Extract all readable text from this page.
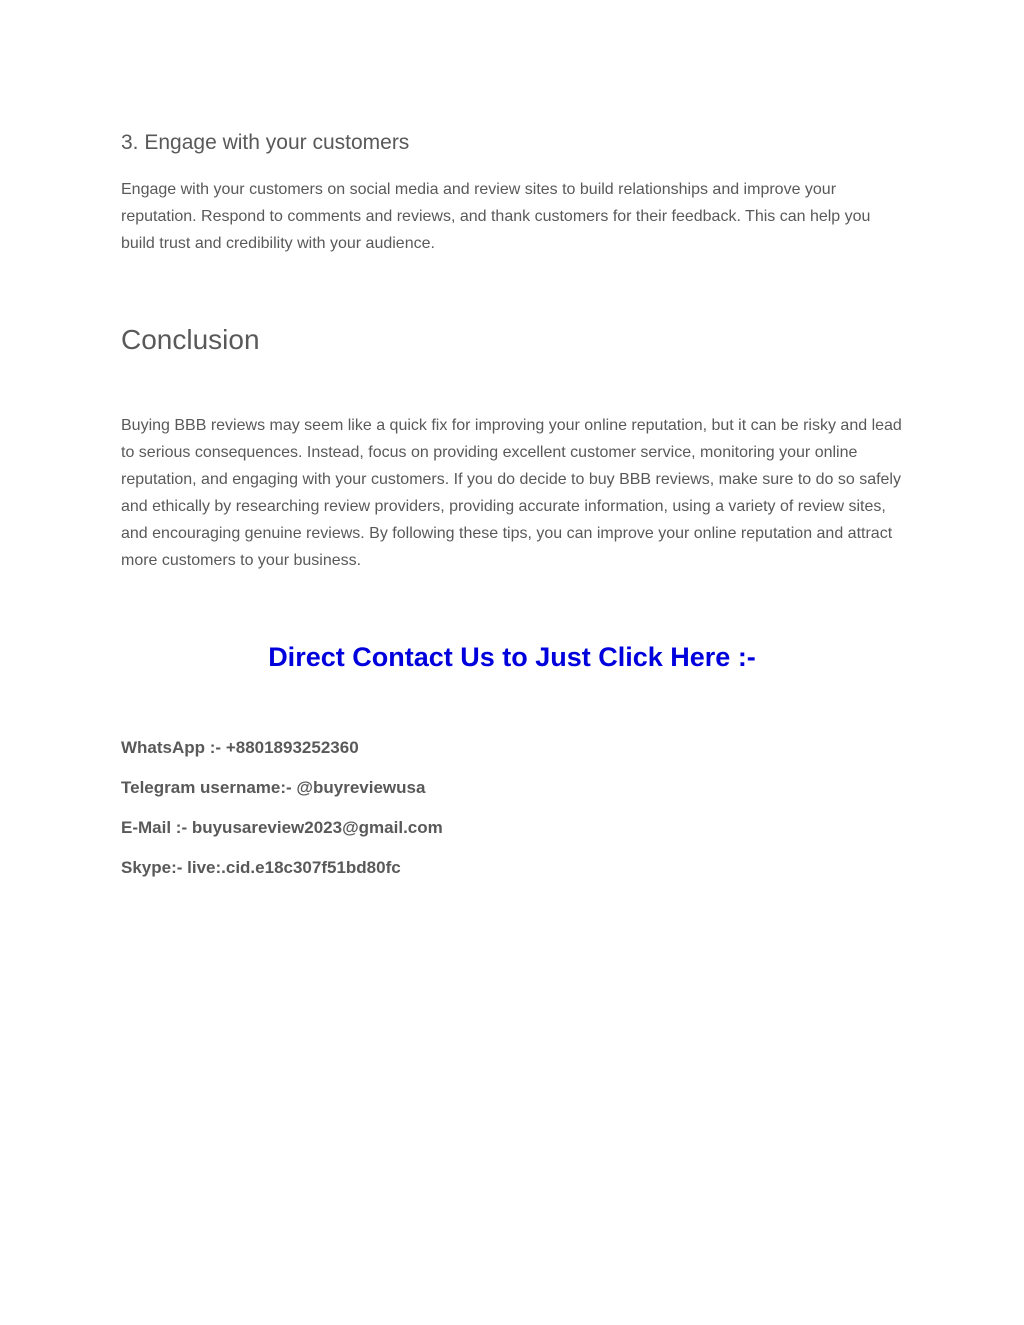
3. Engage with your customers

Engage with your customers on social media and review sites to build relationships and improve your reputation. Respond to comments and reviews, and thank customers for their feedback. This can help you build trust and credibility with your audience.

Conclusion

Buying BBB reviews may seem like a quick fix for improving your online reputation, but it can be risky and lead to serious consequences. Instead, focus on providing excellent customer service, monitoring your online reputation, and engaging with your customers. If you do decide to buy BBB reviews, make sure to do so safely and ethically by researching review providers, providing accurate information, using a variety of review sites, and encouraging genuine reviews. By following these tips, you can improve your online reputation and attract more customers to your business.

Direct Contact Us to Just Click Here :-

WhatsApp :- +8801893252360

Telegram username:- @buyreviewusa

E-Mail :- buyusareview2023@gmail.com

Skype:- live:.cid.e18c307f51bd80fc
